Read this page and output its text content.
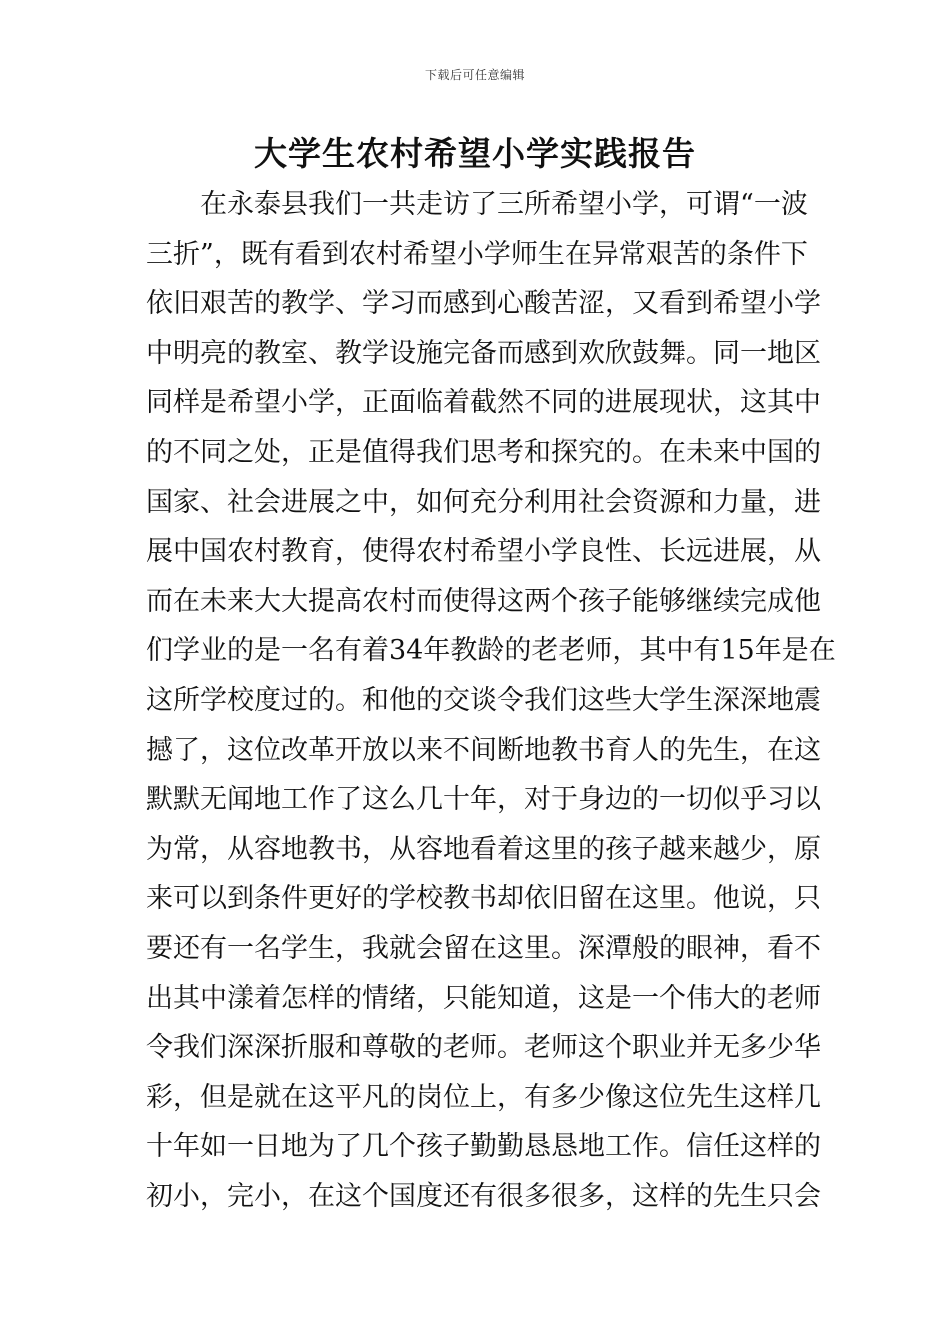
下载后可任意编辑
大学生农村希望小学实践报告
在 永 泰 县 我 们 一 共 走 访 了 三 所 希 望 小 学 ， 可 谓 “ 一 波
三 折 ” ， 既 有 看 到 农 村 希 望 小 学 师 生 在 异 常 艰 苦 的 条 件 下
依 旧 艰 苦 的 教 学 、 学 习 而 感 到 心 酸 苦 涩 ， 又 看 到 希 望 小 学
中 明 亮 的 教 室 、 教 学 设 施 完 备 而 感 到 欢 欣 鼓 舞 。 同 一 地 区
同 样 是 希 望 小 学 ， 正 面 临 着 截 然 不 同 的 进 展 现 状 ， 这 其 中
的 不 同 之 处 ， 正 是 值 得 我 们 思 考 和 探 究 的 。 在 未 来 中 国 的
国 家 、 社 会 进 展 之 中 ， 如 何 充 分 利 用 社 会 资 源 和 力 量 ， 进
展 中 国 农 村 教 育 ， 使 得 农 村 希 望 小 学 良 性 、 长 远 进 展 ， 从
而 在 未 来 大 大 提 高 农 村 而 使 得 这 两 个 孩 子 能 够 继 续 完 成 他
们 学 业 的 是 一 名 有 着 34 年 教 龄 的 老 老 师 ， 其 中 有 15 年 是 在
这 所 学 校 度 过 的 。 和 他 的 交 谈 令 我 们 这 些 大 学 生 深 深 地 震
撼 了 ， 这 位 改 革 开 放 以 来 不 间 断 地 教 书 育 人 的 先 生 ， 在 这
默 默 无 闻 地 工 作 了 这 么 几 十 年 ， 对 于 身 边 的 一 切 似 乎 习 以
为 常 ， 从 容 地 教 书 ， 从 容 地 看 着 这 里 的 孩 子 越 来 越 少 ， 原
来 可 以 到 条 件 更 好 的 学 校 教 书 却 依 旧 留 在 这 里 。 他 说 ， 只
要 还 有 一 名 学 生 ， 我 就 会 留 在 这 里 。 深 潭 般 的 眼 神 ， 看 不
出 其 中 漾 着 怎 样 的 情 绪 ， 只 能 知 道 ， 这 是 一 个 伟 大 的 老 师
令 我 们 深 深 折 服 和 尊 敬 的 老 师 。 老 师 这 个 职 业 并 无 多 少 华
彩 ， 但 是 就 在 这 平 凡 的 岗 位 上 ， 有 多 少 像 这 位 先 生 这 样 几
十 年 如 一 日 地 为 了 几 个 孩 子 勤 勤 恳 恳 地 工 作 。 信 任 这 样 的
初 小 ， 完 小 ， 在 这 个 国 度 还 有 很 多 很 多 ， 这 样 的 先 生 只 会
